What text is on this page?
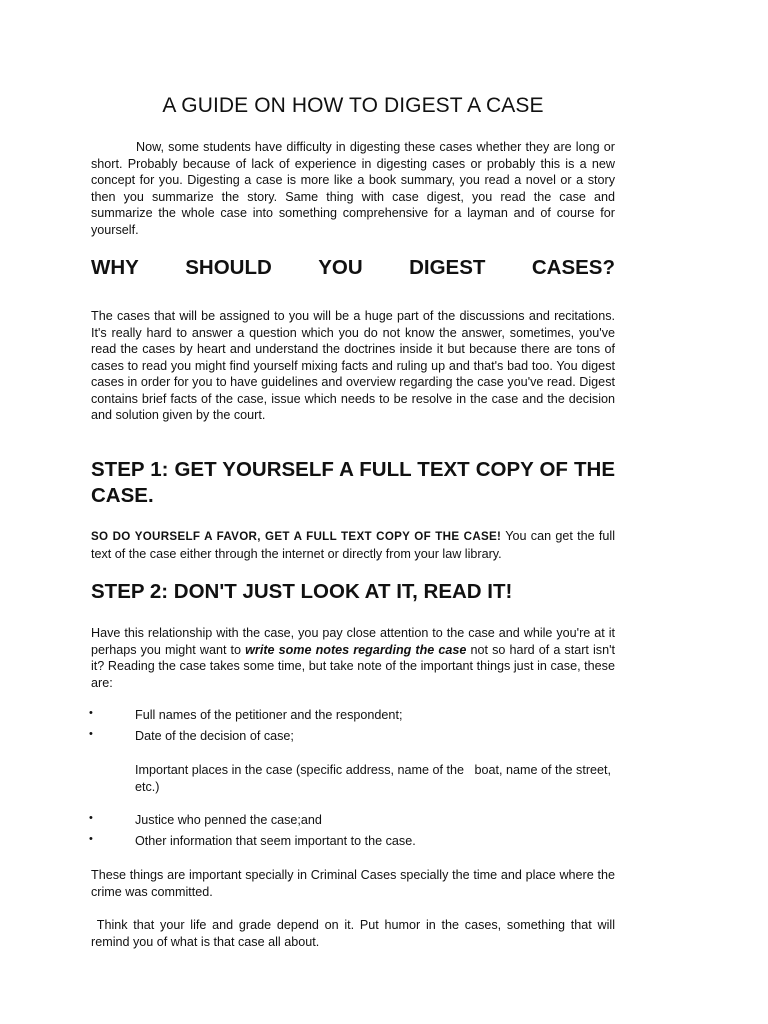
A GUIDE ON HOW TO DIGEST A CASE

Now, some students have difficulty in digesting these cases whether they are long or short. Probably because of lack of experience in digesting cases or probably this is a new concept for you. Digesting a case is more like a book summary, you read a novel or a story then you summarize the story. Same thing with case digest, you read the case and summarize the whole case into something comprehensive for a layman and of course for yourself.

WHY SHOULD YOU DIGEST CASES?

The cases that will be assigned to you will be a huge part of the discussions and recitations. It's really hard to answer a question which you do not know the answer, sometimes, you've read the cases by heart and understand the doctrines inside it but because there are tons of cases to read you might find yourself mixing facts and ruling up and that's bad too. You digest cases in order for you to have guidelines and overview regarding the case you've read. Digest contains brief facts of the case, issue which needs to be resolve in the case and the decision and solution given by the court.

STEP 1: GET YOURSELF A FULL TEXT COPY OF THE CASE.

SO DO YOURSELF A FAVOR, GET A FULL TEXT COPY OF THE CASE! You can get the full text of the case either through the internet or directly from your law library.

STEP 2: DON'T JUST LOOK AT IT, READ IT!

Have this relationship with the case, you pay close attention to the case and while you're at it perhaps you might want to write some notes regarding the case not so hard of a start isn't it? Reading the case takes some time, but take note of the important things just in case, these are:

•	Full names of the petitioner and the respondent;
•	Date of the decision of case;

Important places in the case (specific address, name of the   boat, name of the street, etc.)

•	Justice who penned the case;and
•	Other information that seem important to the case.

These things are important specially in Criminal Cases specially the time and place where the crime was committed.

Think that your life and grade depend on it. Put humor in the cases, something that will remind you of what is that case all about.
